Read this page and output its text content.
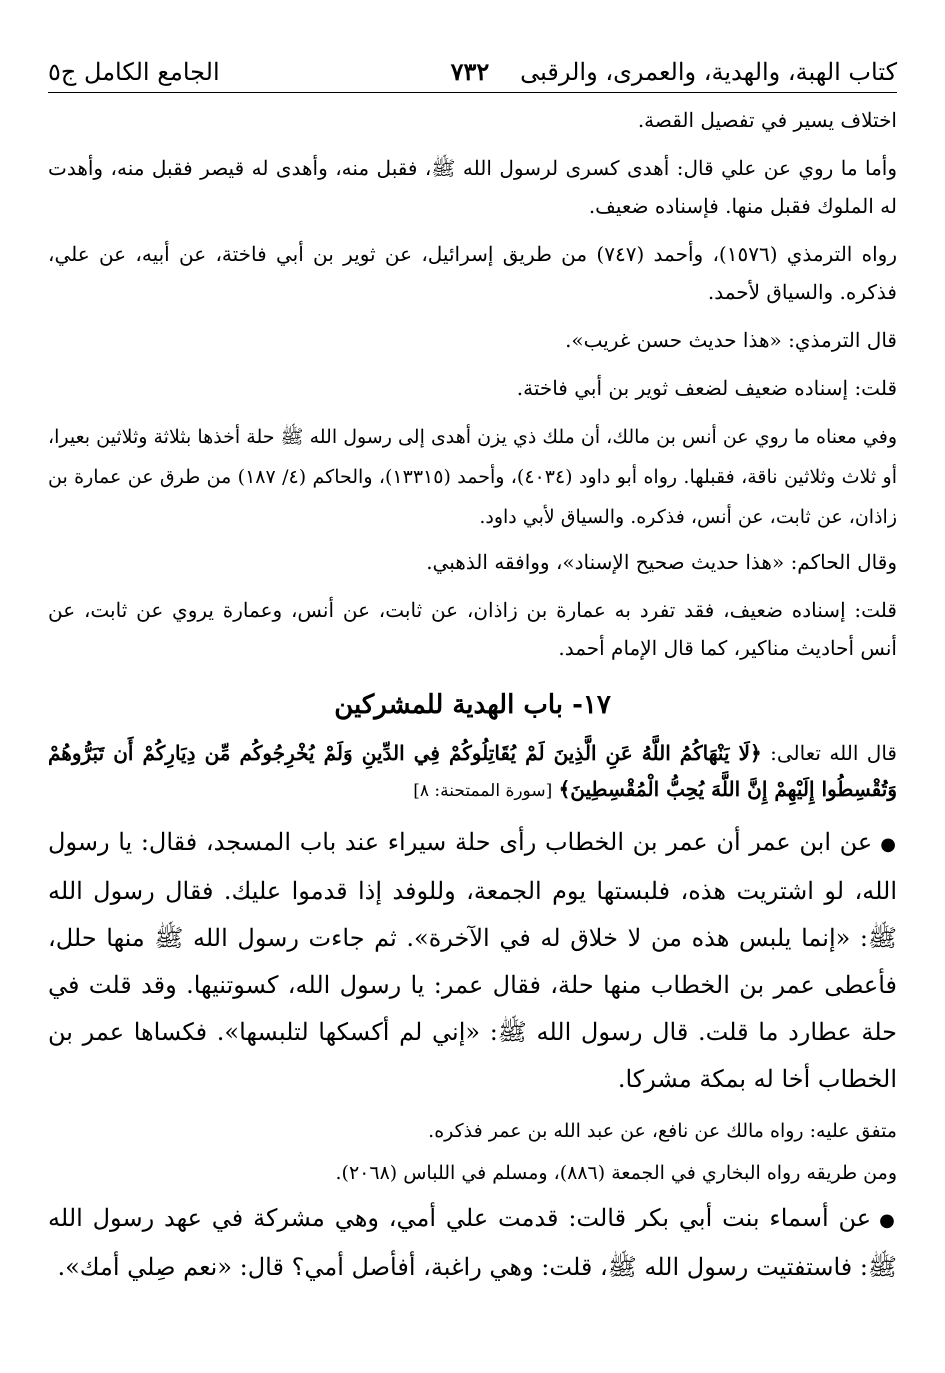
كتاب الهبة، والهدية، والعمرى، والرقبى
٧٣٢
الجامع الكامل ج٥

اختلاف يسير في تفصيل القصة.

وأما ما روي عن علي قال: أهدى كسرى لرسول الله ﷺ، فقبل منه، وأهدى له قيصر فقبل منه، وأهدت له الملوك فقبل منها. فإسناده ضعيف.

رواه الترمذي (١٥٧٦)، وأحمد (٧٤٧) من طريق إسرائيل، عن ثوير بن أبي فاختة، عن أبيه، عن علي، فذكره. والسياق لأحمد.

قال الترمذي: «هذا حديث حسن غريب».

قلت: إسناده ضعيف لضعف ثوير بن أبي فاختة.

وفي معناه ما روي عن أنس بن مالك، أن ملك ذي يزن أهدى إلى رسول الله ﷺ حلة أخذها بثلاثة وثلاثين بعيرا، أو ثلاث وثلاثين ناقة، فقبلها. رواه أبو داود (٤٠٣٤)، وأحمد (١٣٣١٥)، والحاكم (٤/ ١٨٧) من طرق عن عمارة بن زاذان، عن ثابت، عن أنس، فذكره. والسياق لأبي داود.

وقال الحاكم: «هذا حديث صحيح الإسناد»، ووافقه الذهبي.

قلت: إسناده ضعيف، فقد تفرد به عمارة بن زاذان، عن ثابت، عن أنس، وعمارة يروي عن ثابت، عن أنس أحاديث مناكير، كما قال الإمام أحمد.

١٧- باب الهدية للمشركين

قال الله تعالى: ﴿لَا يَنْهَاكُمُ اللَّهُ عَنِ الَّذِينَ لَمْ يُقَاتِلُوكُمْ فِي الدِّينِ وَلَمْ يُخْرِجُوكُم مِّن دِيَارِكُمْ أَن تَبَرُّوهُمْ وَتُقْسِطُوا إِلَيْهِمْ إِنَّ اللَّهَ يُحِبُّ الْمُقْسِطِينَ﴾ [سورة الممتحنة: ٨]

●عن ابن عمر أن عمر بن الخطاب رأى حلة سيراء عند باب المسجد، فقال: يا رسول الله، لو اشتريت هذه، فلبستها يوم الجمعة، وللوفد إذا قدموا عليك. فقال رسول الله ﷺ: «إنما يلبس هذه من لا خلاق له في الآخرة». ثم جاءت رسول الله ﷺ منها حلل، فأعطى عمر بن الخطاب منها حلة، فقال عمر: يا رسول الله، كسوتنيها. وقد قلت في حلة عطارد ما قلت. قال رسول الله ﷺ: «إني لم أكسكها لتلبسها». فكساها عمر بن الخطاب أخا له بمكة مشركا.

متفق عليه: رواه مالك عن نافع، عن عبد الله بن عمر فذكره.

ومن طريقه رواه البخاري في الجمعة (٨٨٦)، ومسلم في اللباس (٢٠٦٨).

●عن أسماء بنت أبي بكر قالت: قدمت علي أمي، وهي مشركة في عهد رسول الله ﷺ: فاستفتيت رسول الله ﷺ، قلت: وهي راغبة، أفأصل أمي؟ قال: «نعم صِلي أمك».
